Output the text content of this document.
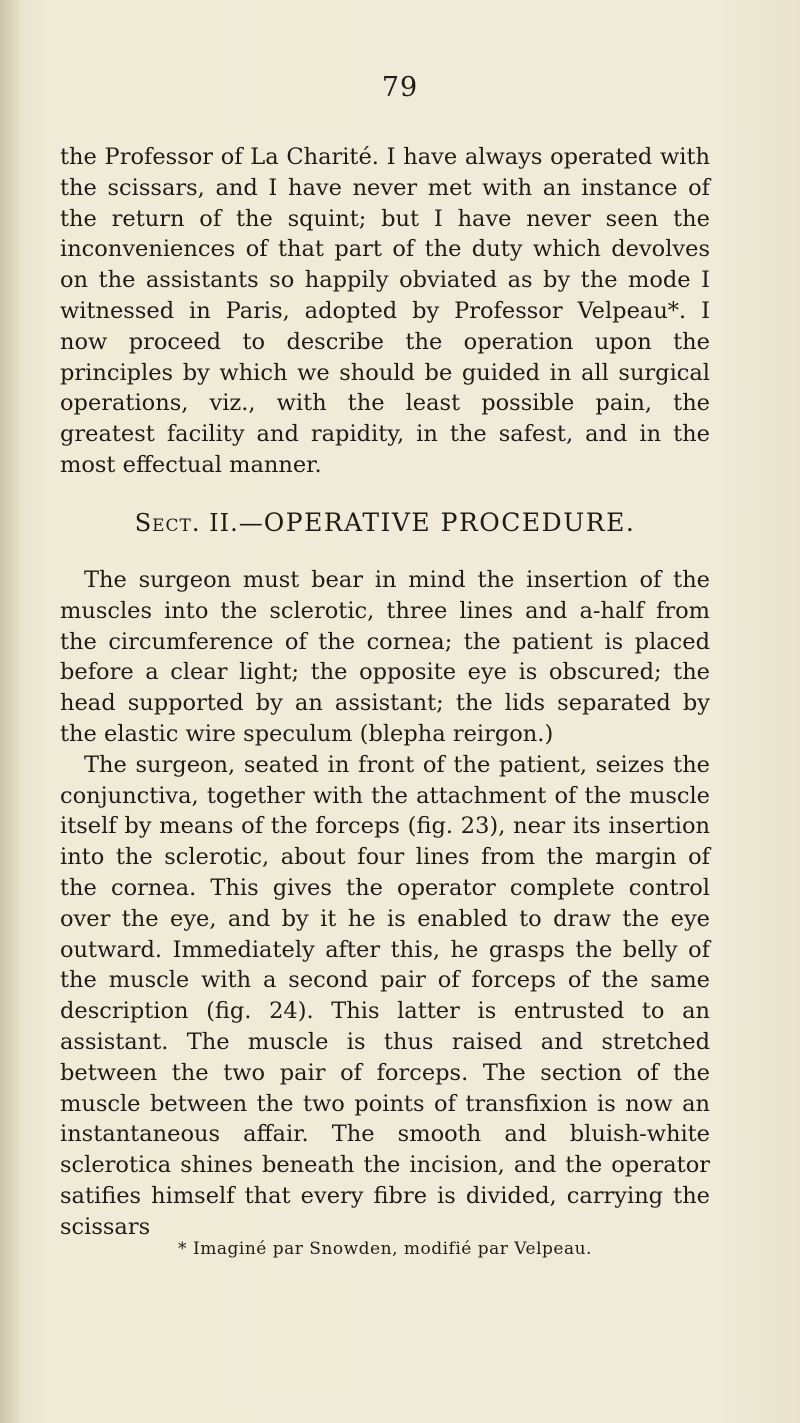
79

the Professor of La Charité. I have always operated with the scissars, and I have never met with an instance of the return of the squint; but I have never seen the inconveniences of that part of the duty which devolves on the assistants so happily obviated as by the mode I witnessed in Paris, adopted by Professor Velpeau*. I now proceed to describe the operation upon the principles by which we should be guided in all surgical operations, viz., with the least possible pain, the greatest facility and rapidity, in the safest, and in the most effectual manner.

Sect. II.—OPERATIVE PROCEDURE.

The surgeon must bear in mind the insertion of the muscles into the sclerotic, three lines and a-half from the circumference of the cornea; the patient is placed before a clear light; the opposite eye is obscured; the head supported by an assistant; the lids separated by the elastic wire speculum (blepha reirgon.)

The surgeon, seated in front of the patient, seizes the conjunctiva, together with the attachment of the muscle itself by means of the forceps (fig. 23), near its insertion into the sclerotic, about four lines from the margin of the cornea. This gives the operator complete control over the eye, and by it he is enabled to draw the eye outward. Immediately after this, he grasps the belly of the muscle with a second pair of forceps of the same description (fig. 24). This latter is entrusted to an assistant. The muscle is thus raised and stretched between the two pair of forceps. The section of the muscle between the two points of transfixion is now an instantaneous affair. The smooth and bluish-white sclerotica shines beneath the incision, and the operator satifies himself that every fibre is divided, carrying the scissars

* Imaginé par Snowden, modifié par Velpeau.
